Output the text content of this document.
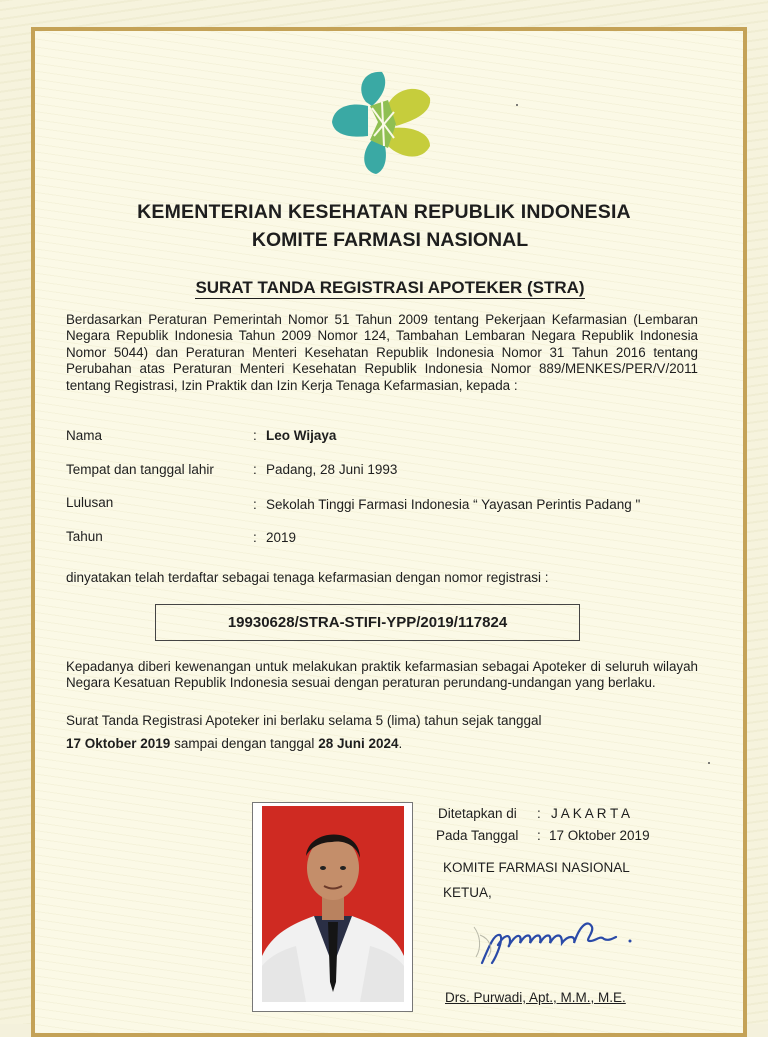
KEMENTERIAN KESEHATAN REPUBLIK INDONESIA
KOMITE FARMASI NASIONAL
SURAT TANDA REGISTRASI APOTEKER (STRA)
Berdasarkan Peraturan Pemerintah Nomor 51 Tahun 2009 tentang Pekerjaan Kefarmasian (Lembaran Negara Republik Indonesia Tahun 2009 Nomor 124, Tambahan Lembaran Negara Republik Indonesia Nomor 5044) dan Peraturan Menteri Kesehatan Republik Indonesia Nomor 31 Tahun 2016 tentang Perubahan atas Peraturan Menteri Kesehatan Republik Indonesia Nomor 889/MENKES/PER/V/2011 tentang Registrasi, Izin Praktik dan Izin Kerja Tenaga Kefarmasian, kepada :
Nama	: Leo Wijaya
Tempat dan tanggal lahir	: Padang, 28 Juni 1993
Lulusan	: Sekolah Tinggi Farmasi Indonesia “ Yayasan Perintis Padang "
Tahun	: 2019
dinyatakan telah terdaftar sebagai tenaga kefarmasian dengan nomor registrasi :
19930628/STRA-STIFI-YPP/2019/117824
Kepadanya diberi kewenangan untuk melakukan praktik kefarmasian sebagai Apoteker di seluruh wilayah Negara Kesatuan Republik Indonesia sesuai dengan peraturan perundang-undangan yang berlaku.
Surat Tanda Registrasi Apoteker ini berlaku selama 5 (lima) tahun sejak tanggal
17 Oktober 2019 sampai dengan tanggal 28 Juni 2024.
Ditetapkan di : J A K A R T A
Pada Tanggal : 17 Oktober 2019
KOMITE FARMASI NASIONAL
KETUA,
Drs. Purwadi, Apt., M.M., M.E.
